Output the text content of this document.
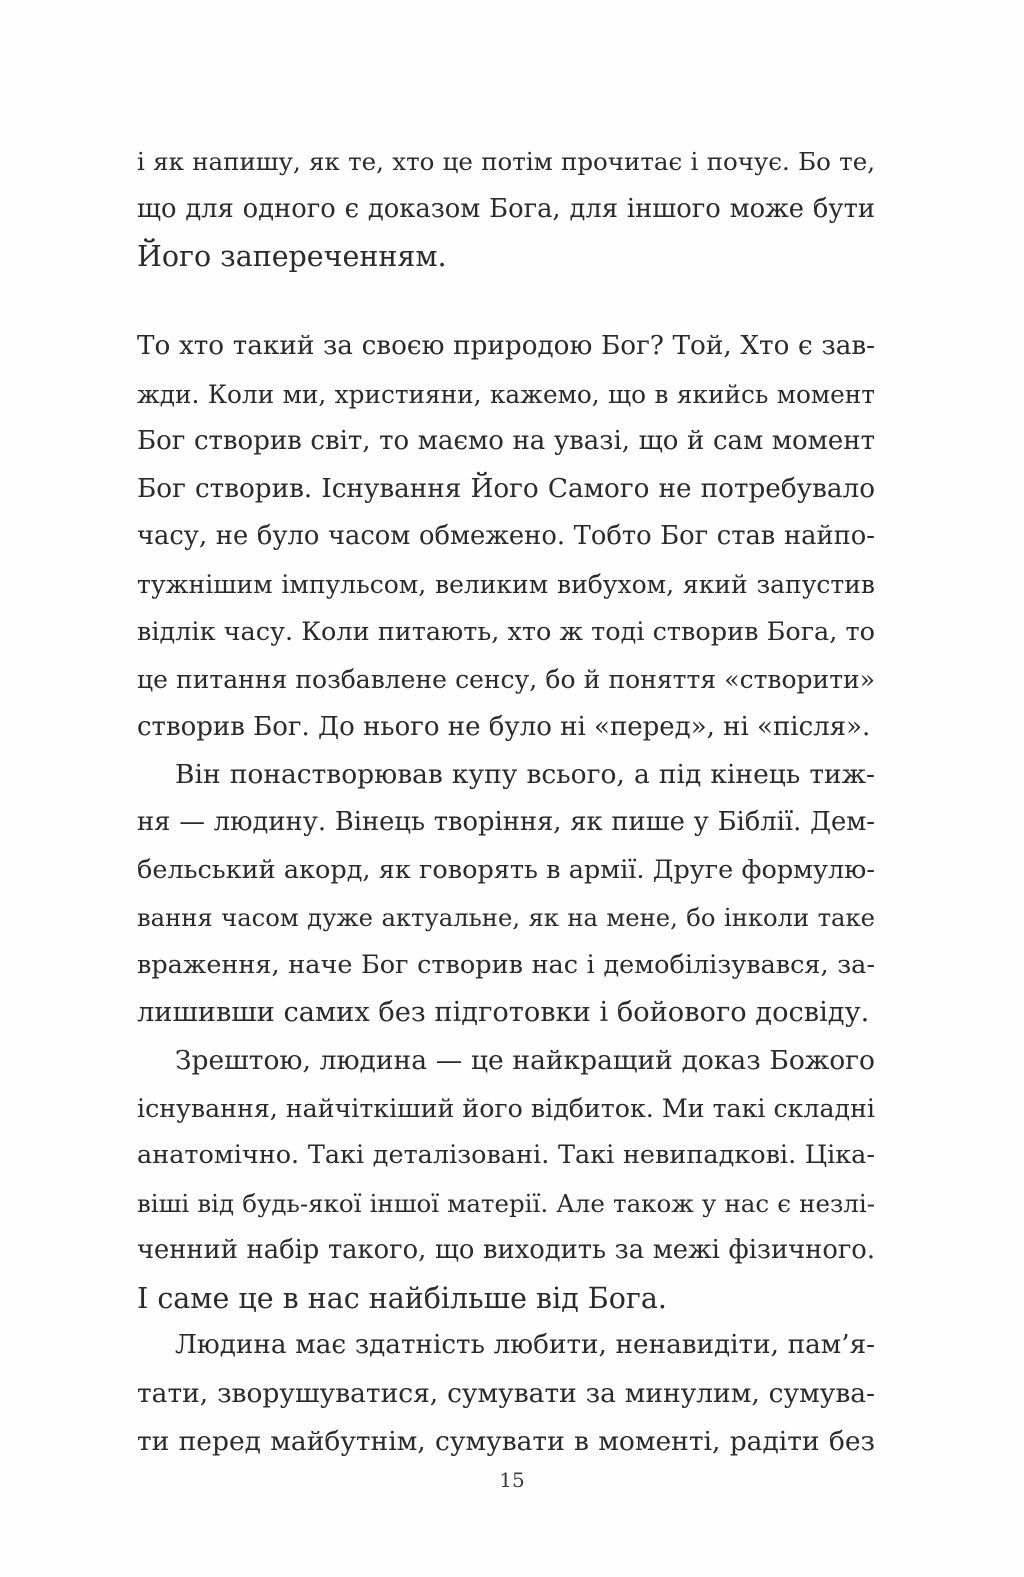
і як напишу, як те, хто це потім прочитає і почує. Бо те,
що для одного є доказом Бога, для іншого може бути
Його запереченням.
То хто такий за своєю природою Бог? Той, Хто є зав-
жди. Коли ми, християни, кажемо, що в якийсь момент
Бог створив світ, то маємо на увазі, що й сам момент
Бог створив. Існування Його Самого не потребувало
часу, не було часом обмежено. Тобто Бог став найпо-
тужнішим імпульсом, великим вибухом, який запустив
відлік часу. Коли питають, хто ж тоді створив Бога, то
це питання позбавлене сенсу, бо й поняття «створити»
створив Бог. До нього не було ні «перед», ні «після».
Він понастворював купу всього, а під кінець тиж-
ня — людину. Вінець творіння, як пише у Біблії. Дем-
бельський акорд, як говорять в армії. Друге формулю-
вання часом дуже актуальне, як на мене, бо інколи таке
враження, наче Бог створив нас і демобілізувався, за-
лишивши самих без підготовки і бойового досвіду.
Зрештою, людина — це найкращий доказ Божого
існування, найчіткіший його відбиток. Ми такі складні
анатомічно. Такі деталізовані. Такі невипадкові. Ціка-
віші від будь-якої іншої матерії. Але також у нас є незлі-
ченний набір такого, що виходить за межі фізичного.
І саме це в нас найбільше від Бога.
Людина має здатність любити, ненавидіти, пам’я-
тати, зворушуватися, сумувати за минулим, сумува-
ти перед майбутнім, сумувати в моменті, радіти без
15
